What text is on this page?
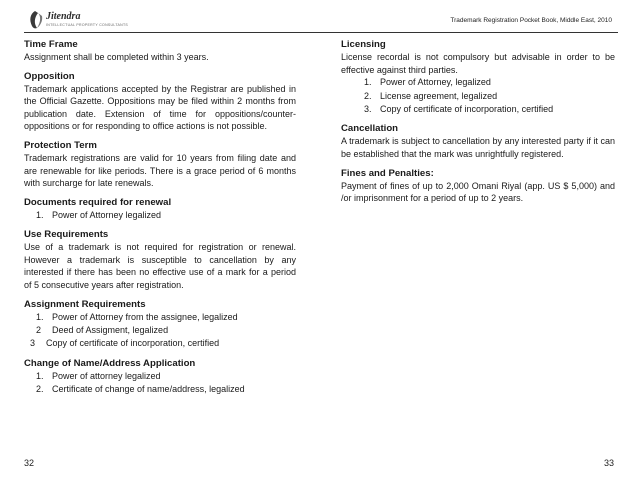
Jitendra
INTELLECTUAL PROPERTY CONSULTANTS
Trademark Registration Pocket Book, Middle East, 2010
Time Frame

Assignment shall be completed within 3 years.

Opposition

Trademark applications accepted by the Registrar are published in the Official Gazette. Oppositions may be filed within 2 months from publication date. Extension of time for oppositions/counter- oppositions or for responding to office actions is not possible.

Protection Term

Trademark registrations are valid for 10 years from filing date and are renewable for like periods. There is a grace period of 6 months with surcharge for late renewals.

Documents required for renewal
1. Power of Attorney legalized
Use Requirements

Use of a trademark is not required for registration or renewal. However a trademark is susceptible to cancellation by any interested if there has been no effective use of a mark for a period of 5 consecutive years after registration.

Assignment Requirements
1. Power of Attorney from the assignee, legalized
2 Deed of Assigment, legalized
3 Copy of certificate of incorporation, certified
Change of Name/Address Application
1. Power of attorney legalized
2. Certificate of change of name/address, legalized
Licensing

License recordal is not compulsory but advisable in order to be effective against third parties.

1. Power of Attorney, legalized
2. License agreement, legalized
3. Copy of certificate of incorporation, certified
Cancellation

A trademark is subject to cancellation by any interested party if it can be established that the mark was unrightfully registered.

Fines and Penalties:

Payment of fines of up to 2,000 Omani Riyal (app. US $ 5,000) and /or imprisonment for a period of up to 2 years.

32	33
